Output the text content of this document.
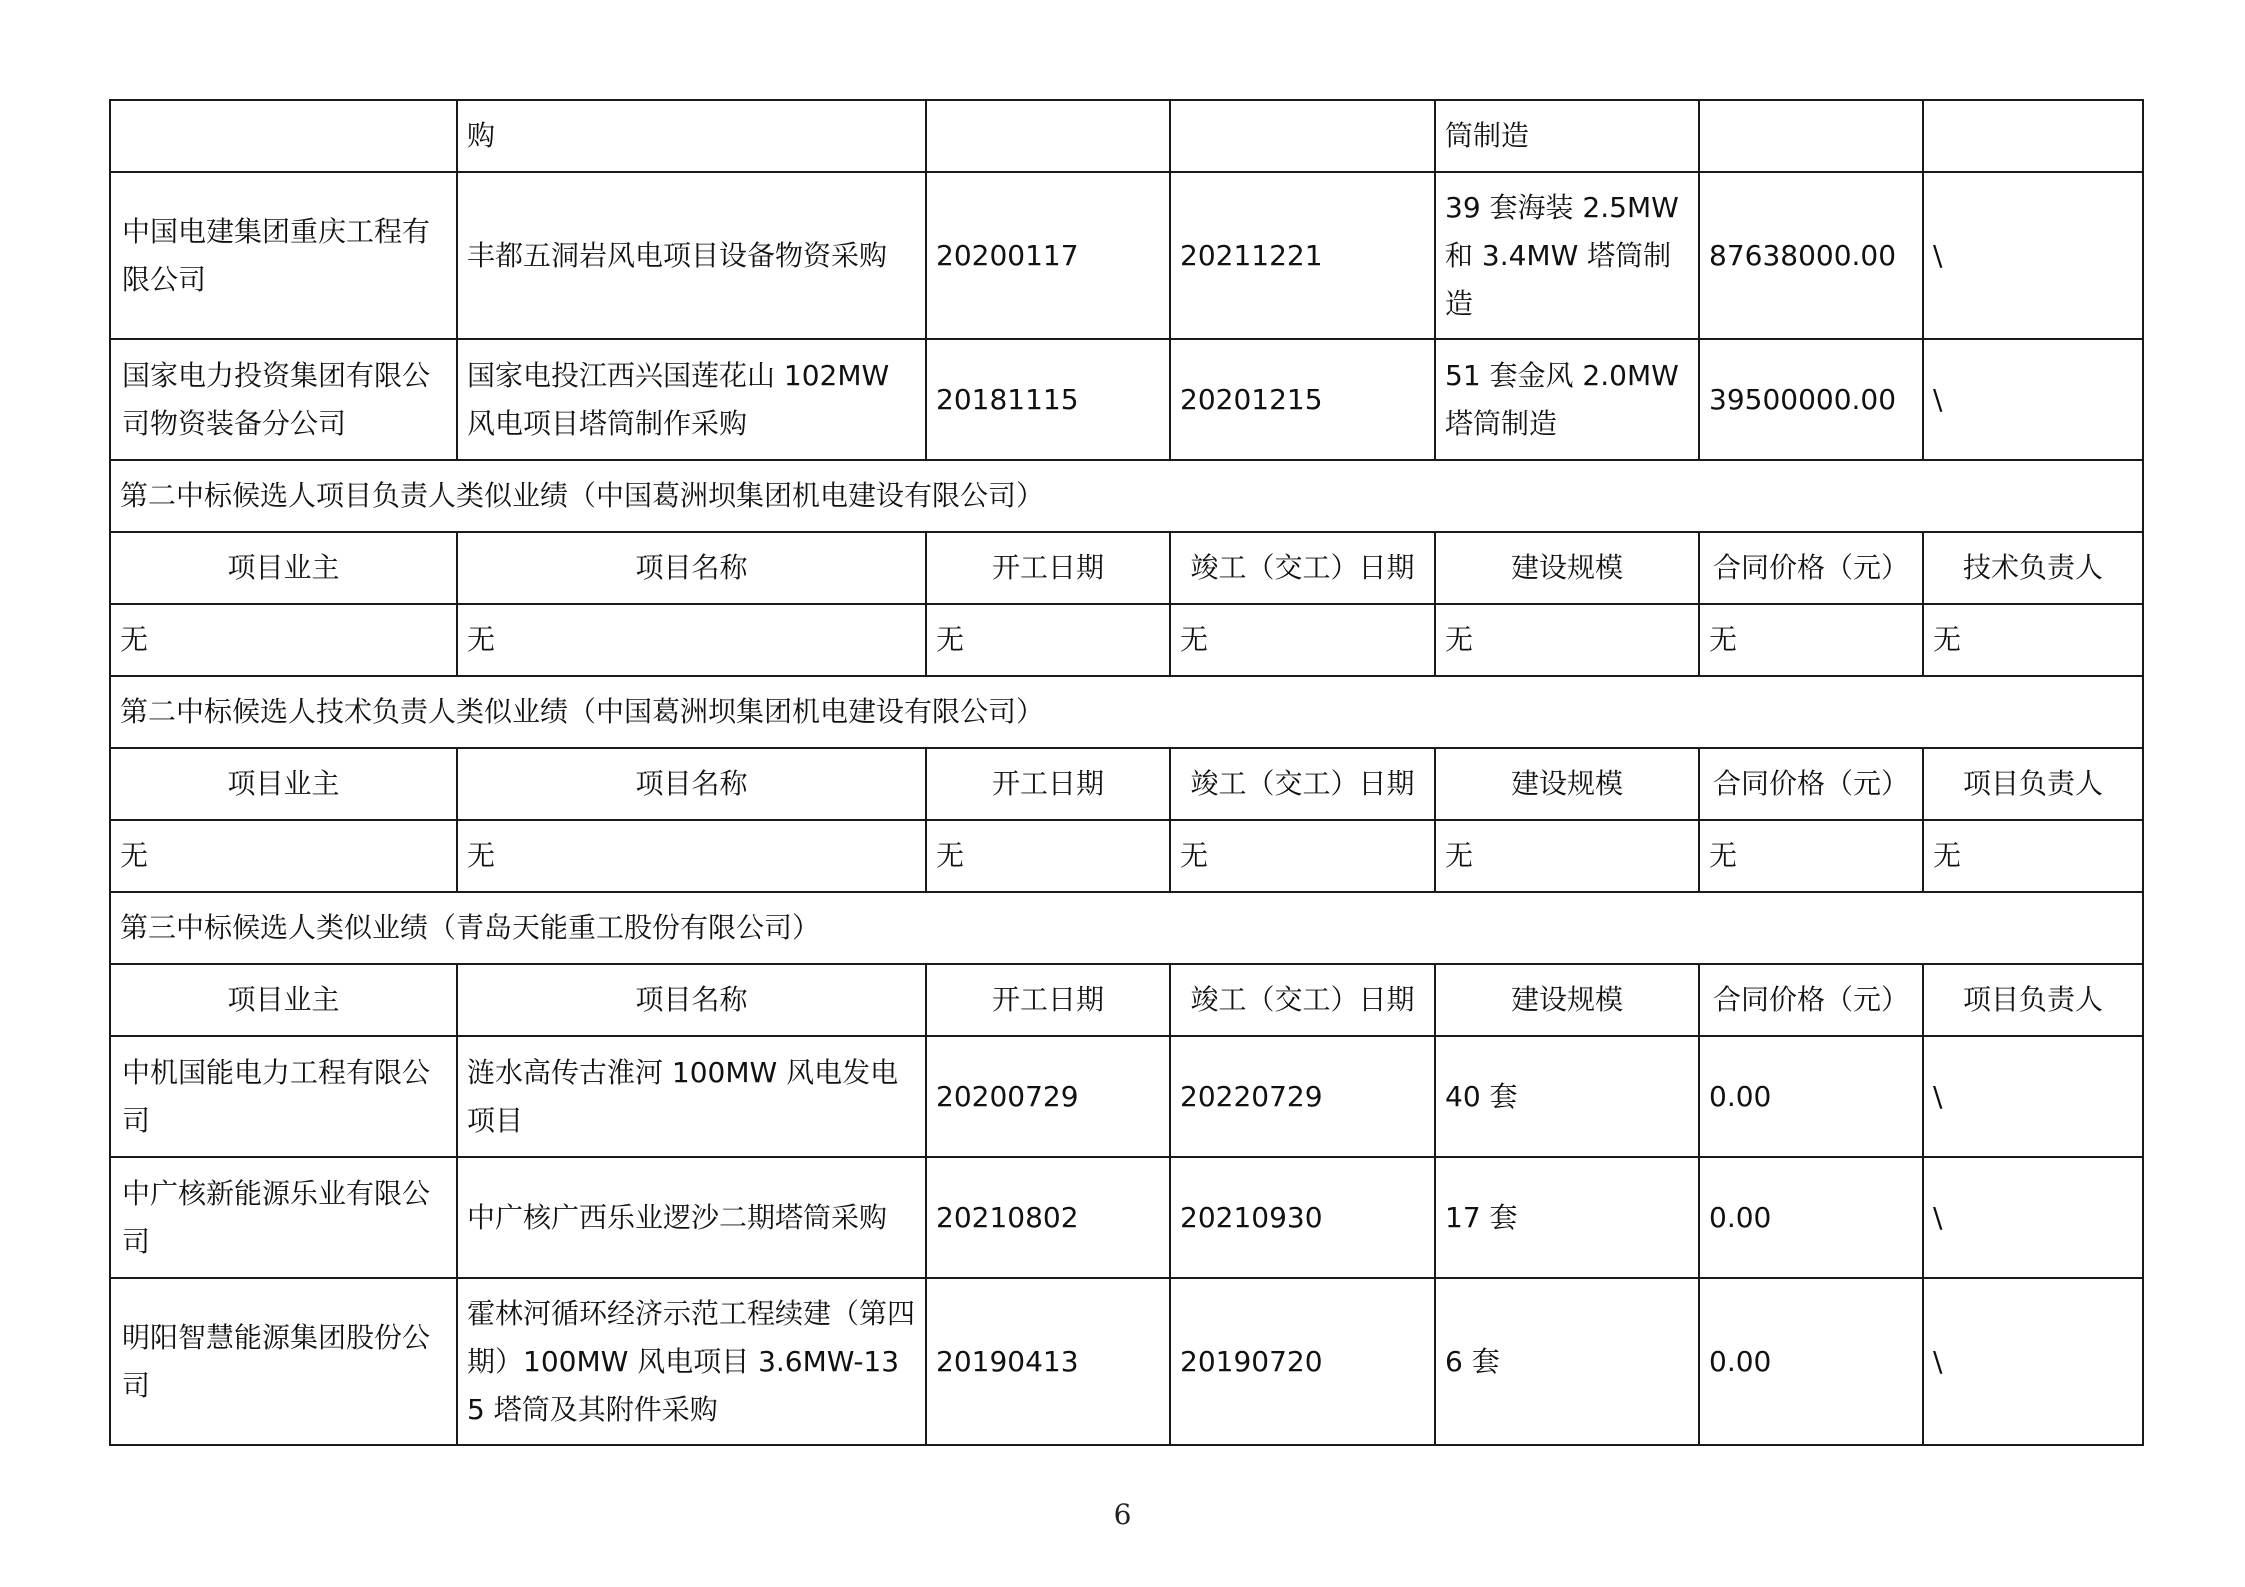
	购			筒制造		
中国电建集团重庆工程有限公司	丰都五洞岩风电项目设备物资采购	20200117	20211221	39 套海装 2.5MW 和 3.4MW 塔筒制造	87638000.00	\
国家电力投资集团有限公司物资装备分公司	国家电投江西兴国莲花山 102MW 风电项目塔筒制作采购	20181115	20201215	51 套金风 2.0MW 塔筒制造	39500000.00	\
第二中标候选人项目负责人类似业绩（中国葛洲坝集团机电建设有限公司）						
项目业主	项目名称	开工日期	竣工（交工）日期	建设规模	合同价格（元）	技术负责人
无	无	无	无	无	无	无
第二中标候选人技术负责人类似业绩（中国葛洲坝集团机电建设有限公司）						
项目业主	项目名称	开工日期	竣工（交工）日期	建设规模	合同价格（元）	项目负责人
无	无	无	无	无	无	无
第三中标候选人类似业绩（青岛天能重工股份有限公司）						
项目业主	项目名称	开工日期	竣工（交工）日期	建设规模	合同价格（元）	项目负责人
中机国能电力工程有限公司	涟水高传古淮河 100MW 风电发电项目	20200729	20220729	40 套	0.00	\
中广核新能源乐业有限公司	中广核广西乐业逻沙二期塔筒采购	20210802	20210930	17 套	0.00	\
明阳智慧能源集团股份公司	霍林河循环经济示范工程续建（第四期）100MW 风电项目 3.6MW-135 塔筒及其附件采购	20190413	20190720	6 套	0.00	\
6
